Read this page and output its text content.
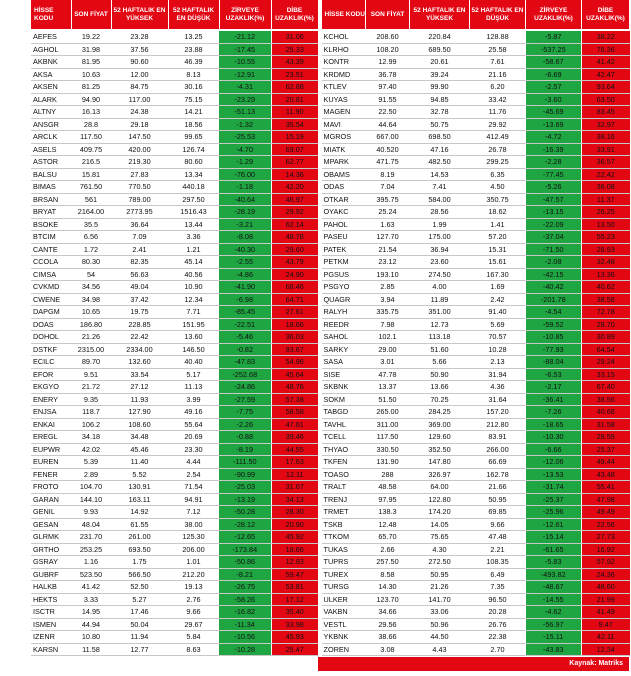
HİSSE KODU	SON FİYAT	52 HAFTALIK EN YÜKSEK	52 HAFTALIK EN DÜŞÜK	ZİRVEYE UZAKLIK(%)	DİBE UZAKLIK(%)
AEFES	19.22	23.28	13.25	-21.12	31.06
AGHOL	31.98	37.56	23.88	-17.45	25.33
AKBNK	81.95	90.60	46.39	-10.55	43.39
AKSA	10.63	12.00	8.13	-12.91	23.51
AKSEN	81.25	84.75	30.16	-4.31	62.88
ALARK	94.90	117.00	75.15	-23.29	20.81
ALTNY	16.13	24.38	14.21	-51.13	11.90
ANSGR	28.8	29.18	18.56	-1.32	35.54
ARCLK	117.50	147.50	99.65	-25.53	15.19
ASELS	409.75	420.00	126.74	-4.70	69.07
ASTOR	216.5	219.30	80.60	-1.29	62.77
BALSU	15.81	27.83	13.34	-76.00	14.36
BIMAS	761.50	770.50	440.18	-1.18	42.20
BRSAN	561	789.00	297.50	-40.64	46.97
BRYAT	2164.00	2773.95	1516.43	-28.19	29.92
BSOKE	35.5	36.64	13.44	-3.21	62.14
BTCIM	6.56	7.09	3.36	-8.08	48.78
CANTE	1.72	2.41	1.21	-40.30	29.60
CCOLA	80.30	82.35	45.14	-2.55	43.79
CIMSA	54	56.63	40.56	-4.86	24.90
CVKMD	34.56	49.04	10.90	-41.90	68.46
CWENE	34.98	37.42	12.34	-6.98	64.71
DAPGM	10.65	19.75	7.71	-85.45	27.61
DOAS	186.80	228.85	151.95	-22.51	18.66
DOHOL	21.26	22.42	13.60	-5.46	36.03
DSTKF	2315.00	2334.00	146.50	-0.82	93.67
ECILC	89.70	132.60	40.40	-47.83	54.96
EFOR	9.51	33.54	5.17	-252.68	45.64
EKGYO	21.72	27.12	11.13	-24.86	48.76
ENERY	9.35	11.93	3.99	-27.59	57.38
ENJSA	118.7	127.90	49.16	-7.75	58.58
ENKAI	106.2	108.60	55.64	-2.26	47.61
EREGL	34.18	34.48	20.69	-0.88	39.46
EUPWR	42.02	45.46	23.30	-8.19	44.55
EUREN	5.39	11.40	4.44	-111.50	17.63
FENER	2.89	5.52	2.54	-90.99	12.11
FROTO	104.70	130.91	71.54	-25.03	31.67
GARAN	144.10	163.11	94.91	-13.19	34.13
GENIL	9.93	14.92	7.12	-50.28	28.30
GESAN	48.04	61.55	38.00	-28.12	20.90
GLRMK	231.70	261.00	125.30	-12.65	45.92
GRTHO	253.25	693.50	206.00	-173.84	18.66
GSRAY	1.16	1.75	1.01	-50.86	12.93
GUBRF	523.50	566.50	212.20	-8.21	59.47
HALKB	41.42	52.50	19.13	-26.75	53.81
HEKTS	3.33	5.27	2.76	-58.26	17.12
ISCTR	14.95	17.46	9.66	-16.82	35.40
ISMEN	44.94	50.04	29.67	-11.34	33.98
IZENR	10.80	11.94	5.84	-10.56	45.93
KARSN	11.58	12.77	8.63	-10.28	25.47
HİSSE KODU	SON FİYAT	52 HAFTALIK EN YÜKSEK	52 HAFTALIK EN DÜŞÜK	ZİRVEYE UZAKLIK(%)	DİBE UZAKLIK(%)
KCHOL	208.60	220.84	128.88	-5.87	38.22
KLRHO	108.20	689.50	25.58	-537.25	76.36
KONTR	12.99	20.61	7.61	-58.67	41.42
KRDMD	36.78	39.24	21.16	-6.69	42.47
KTLEV	97.40	99.90	6.20	-2.57	93.64
KUYAS	91.55	94.85	33.42	-3.60	63.50
MAGEN	22.50	32.78	11.76	-45.69	83.45
MAVI	44.64	50.75	29.92	-13.69	32.97
MGROS	667.00	698.50	412.49	-4.72	38.16
MIATK	40.520	47.16	26.78	-16.39	33.91
MPARK	471.75	482.50	299.25	-2.28	36.57
OBAMS	8.19	14.53	6.35	-77.45	22.42
ODAS	7.04	7.41	4.50	-5.26	36.08
OTKAR	395.75	584.00	350.75	-47.57	11.37
OYAKC	25.24	28.56	18.62	-13.15	26.25
PAHOL	1.63	1.99	1.41	-22.09	13.50
PASEU	127.70	175.00	57.20	-37.04	55.23
PATEK	21.54	36.94	15.31	-71.50	28.93
PETKM	23.12	23.60	15.61	-2.08	32.48
PGSUS	193.10	274.50	167.30	-42.15	13.36
PSGYO	2.85	4.00	1.69	-40.42	40.62
QUAGR	3.94	11.89	2.42	-201.78	38.58
RALYH	335.75	351.00	91.40	-4.54	72.78
REEDR	7.98	12.73	5.69	-59.52	28.70
SAHOL	102.1	113.18	70.57	-10.85	30.89
SARKY	29.00	51.60	10.28	-77.93	64.54
SASA	3.01	5.66	2.13	-88.04	29.24
SISE	47.78	50.90	31.94	-6.53	33.15
SKBNK	13.37	13.66	4.36	-2.17	67.40
SOKM	51.50	70.25	31.64	-36.41	38.56
TABGD	265.00	284.25	157.20	-7.26	40.68
TAVHL	311.00	369.00	212.80	-18.65	31.58
TCELL	117.50	129.60	83.91	-10.30	28.59
THYAO	330.50	352.50	266.00	-6.66	25.37
TKFEN	131.90	147.80	66.69	-12.06	49.44
TOASO	288	326.97	162.78	-13.53	43.48
TRALT	48.58	64.00	21.66	-31.74	55.41
TRENJ	97.95	122.80	50.95	-25.37	47.98
TRMET	138.3	174.20	69.85	-25.96	49.49
TSKB	12.48	14.05	9.66	-12.61	22.56
TTKOM	65.70	75.65	47.48	-15.14	27.73
TUKAS	2.66	4.30	2.21	-61.65	16.92
TUPRS	257.50	272.50	108.35	-5.83	57.92
TUREX	8.58	50.95	6.49	-493.82	24.36
TURSG	14.30	21.26	7.35	-48.67	48.60
ULKER	123.70	141.70	96.50	-14.55	21.99
VAKBN	34.66	33.06	20.28	-4.62	41.49
VESTL	29.56	50.96	26.76	-56.97	9.47
YKBNK	38.66	44.50	22.38	-15.11	42.11
ZOREN	3.08	4.43	2.70	-43.83	12.34
Kaynak: Matriks
